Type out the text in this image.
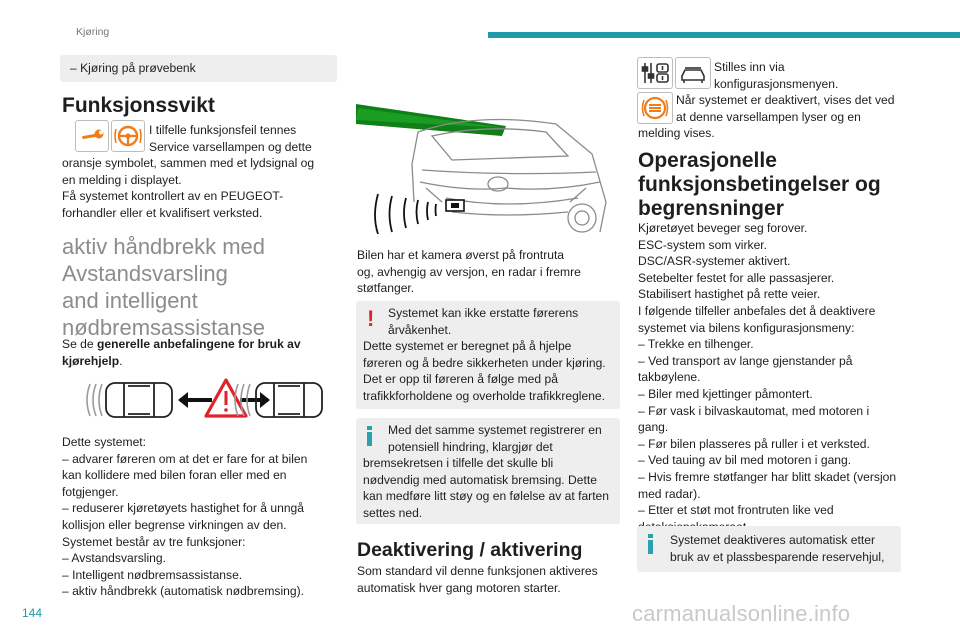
Kjøring
– Kjøring på prøvebenk
Funksjonssvikt
I tilfelle funksjonsfeil tennes
Service varsellampen og dette
oransje symbolet, sammen med et lydsignal og
en melding i displayet.
Få systemet kontrollert av en PEUGEOT-
forhandler eller et kvalifisert verksted.
aktiv håndbrekk med
Avstandsvarsling
and intelligent
nødbremsassistanse
Se de generelle anbefalingene for bruk av kjørehjelp.
Dette systemet:
– advarer føreren om at det er fare for at bilen
kan kollidere med bilen foran eller med en
fotgjenger.
– reduserer kjøretøyets hastighet for å unngå
kollisjon eller begrense virkningen av den.
Systemet består av tre funksjoner:
– Avstandsvarsling.
– Intelligent nødbremsassistanse.
– aktiv håndbrekk (automatisk nødbremsing).
Bilen har et kamera øverst på frontruta
og, avhengig av versjon, en radar i fremre
støtfanger.
! Systemet kan ikke erstatte førerens
årvåkenhet.
Dette systemet er beregnet på å hjelpe
føreren og å bedre sikkerheten under kjøring.
Det er opp til føreren å følge med på
trafikkforholdene og overholde trafikkreglene.
Med det samme systemet registrerer en
potensiell hindring, klargjør det
bremsekretsen i tilfelle det skulle bli
nødvendig med automatisk bremsing. Dette
kan medføre litt støy og en følelse av at farten
settes ned.
Deaktivering / aktivering
Som standard vil denne funksjonen aktiveres
automatisk hver gang motoren starter.
Stilles inn via
konfigurasjonsmenyen.
Når systemet er deaktivert, vises det ved
at denne varsellampen lyser og en
melding vises.
Operasjonelle
funksjonsbetingelser og
begrensninger
Kjøretøyet beveger seg forover.
ESC-system som virker.
DSC/ASR-systemer aktivert.
Setebelter festet for alle passasjerer.
Stabilisert hastighet på rette veier.
I følgende tilfeller anbefales det å deaktivere
systemet via bilens konfigurasjonsmeny:
– Trekke en tilhenger.
– Ved transport av lange gjenstander på
takbøylene.
– Biler med kjettinger påmontert.
– Før vask i bilvaskautomat, med motoren i
gang.
– Før bilen plasseres på ruller i et verksted.
– Ved tauing av bil med motoren i gang.
– Hvis fremre støtfanger har blitt skadet (versjon
med radar).
– Etter et støt mot frontruten like ved

Systemet deaktiveres automatisk etter
bruk av et plassbesparende reservehjul,
144	carmanualsonline.info
